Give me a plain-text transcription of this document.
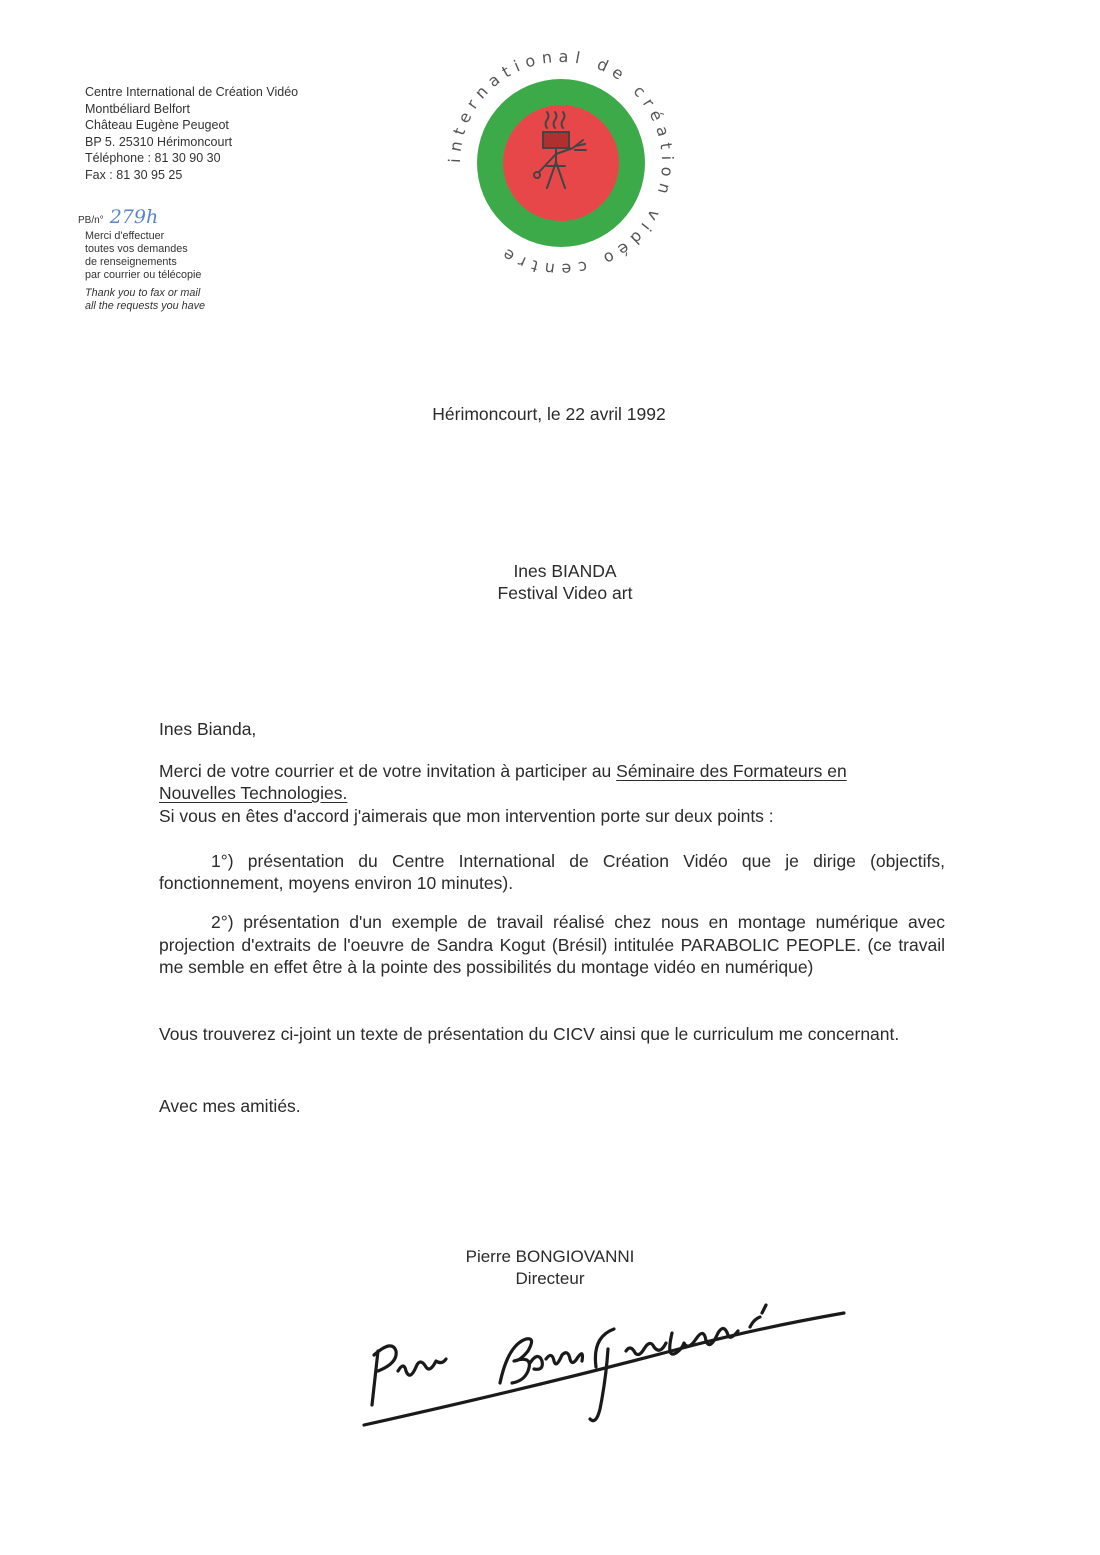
Centre International de Création Vidéo
Montbéliard Belfort
Château Eugène Peugeot
BP 5. 25310 Hérimoncourt
Téléphone : 81 30 90 30
Fax : 81 30 95 25
PB/n° 279h
Merci d'effectuer
toutes vos demandes
de renseignements
par courrier ou télécopie
Thank you to fax or mail
all the requests you have
international de création vidéo centre
Hérimoncourt, le 22 avril 1992
Ines BIANDA
Festival Video art
Ines Bianda,
Merci de votre courrier et de votre invitation à participer au Séminaire des Formateurs en
Nouvelles Technologies.
Si vous en êtes d'accord j'aimerais que mon intervention porte sur deux points :
1°) présentation du Centre International de Création Vidéo que je dirige (objectifs, fonctionnement, moyens environ 10 minutes).
2°) présentation d'un exemple de travail réalisé chez nous en montage numérique avec projection d'extraits de l'oeuvre de Sandra Kogut (Brésil) intitulée PARABOLIC PEOPLE. (ce travail me semble en effet être à la pointe des possibilités du montage vidéo en numérique)
Vous trouverez ci-joint un texte de présentation du CICV ainsi que le curriculum me concernant.
Avec mes amitiés.
Pierre BONGIOVANNI
Directeur
